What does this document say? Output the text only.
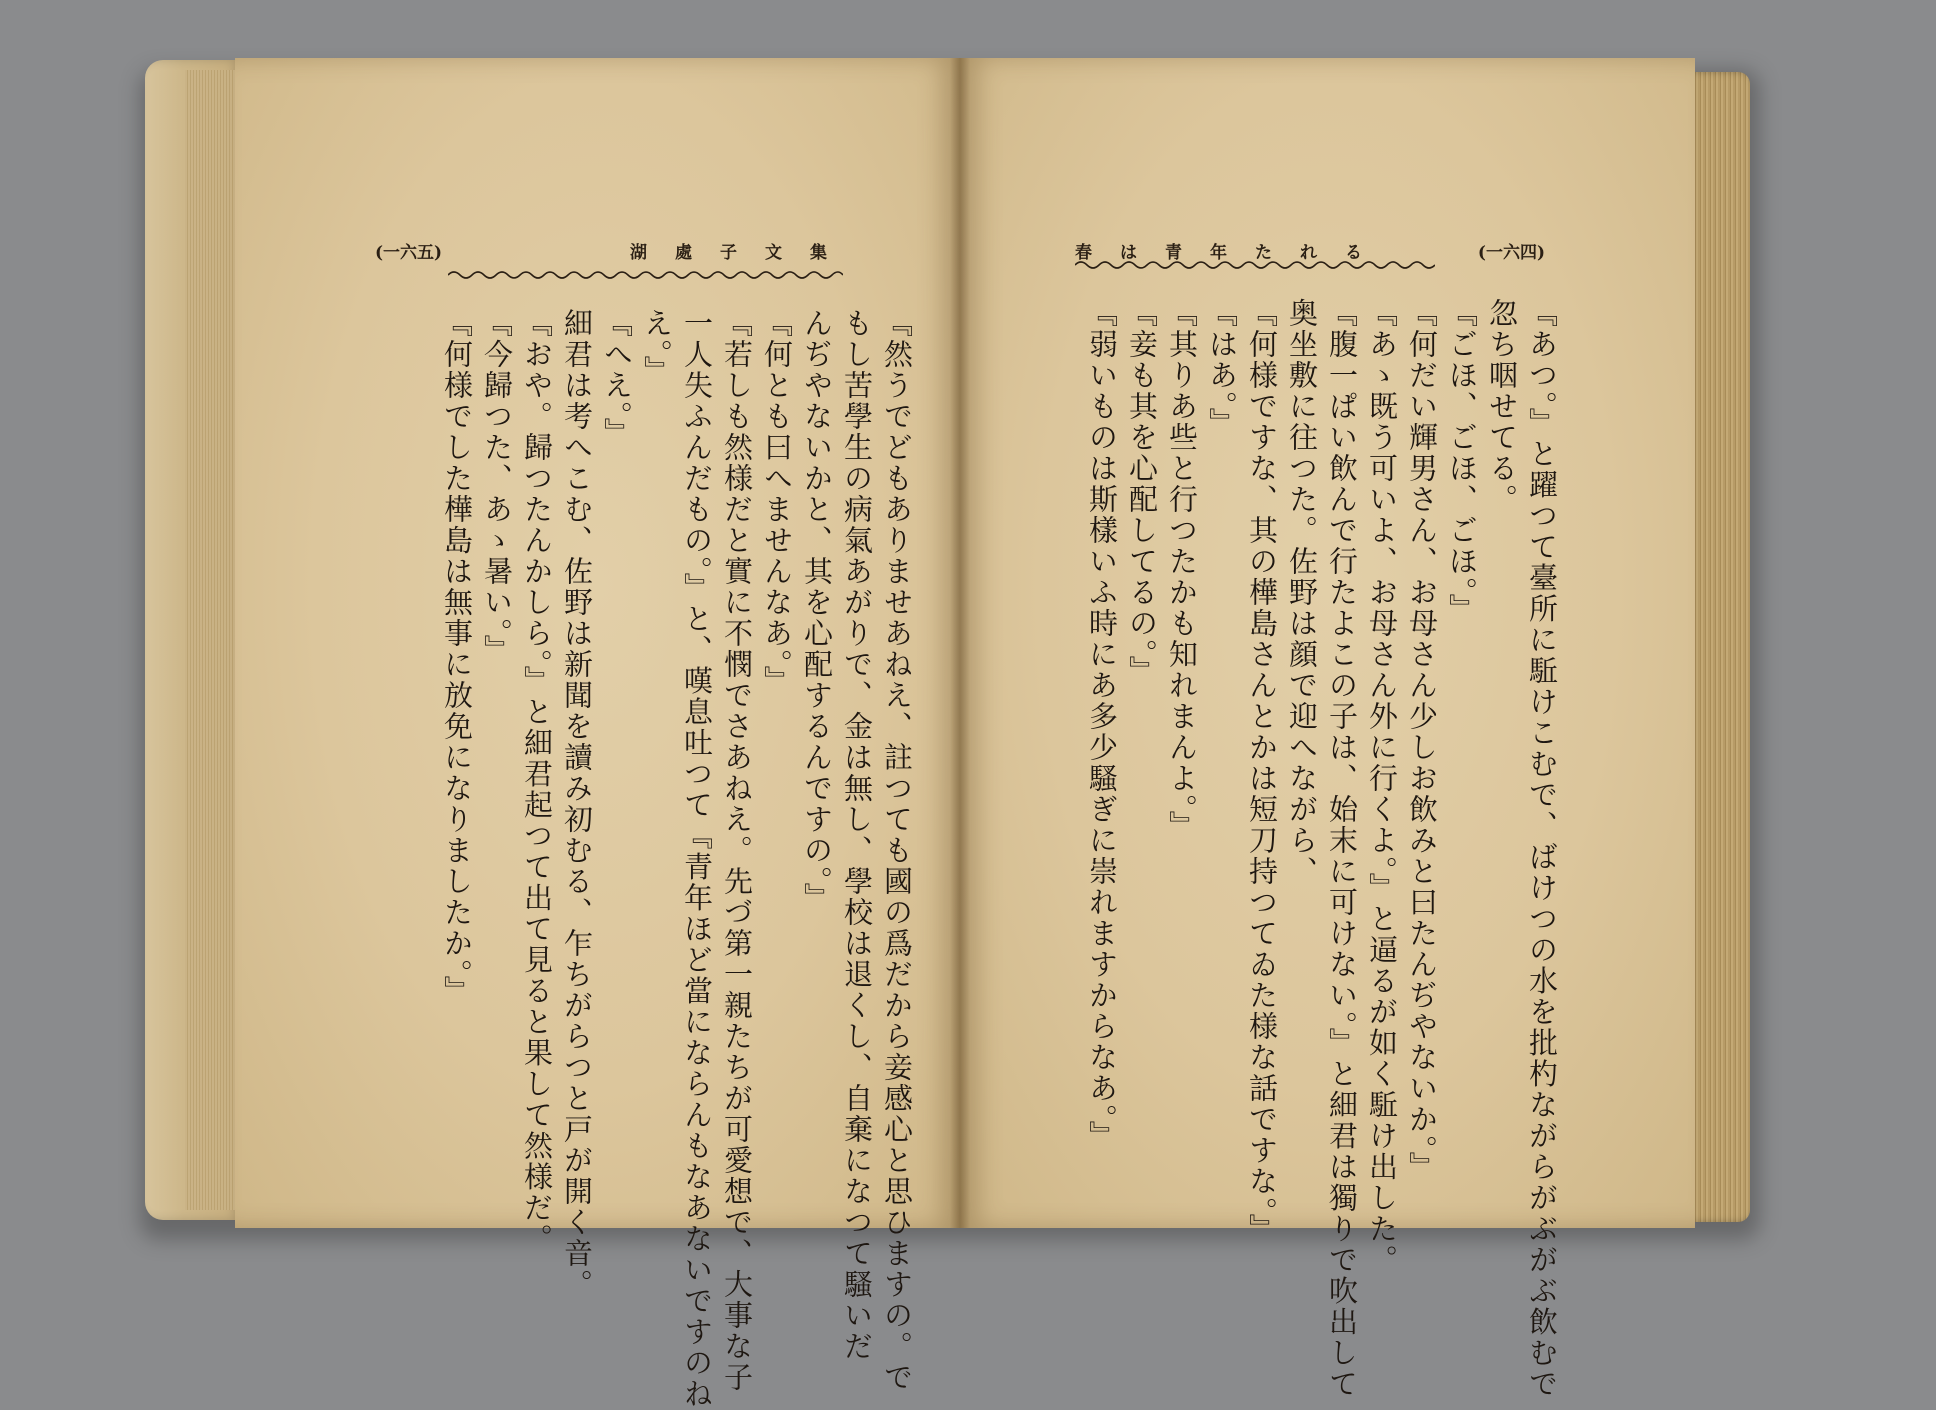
(一六五)	湖處子文集	春は青年たれる	(一六四)

『然うでどもありませあねえ、註つても國の爲だから妾感心と思ひますの。で

もし苦學生の病氣あがりで、金は無し、學校は退くし、自棄になつて騷いだ

んぢやないかと、其を心配するんですの。』

『何とも曰へませんなあ。』

『若しも然様だと實に不憫でさあねえ。先づ第一親たちが可愛想で、大事な子

一人失ふんだもの。』と、嘆息吐つて『青年ほど當にならんもなあないですのね

え。』

『へえ。』

細君は考へこむ、佐野は新聞を讀み初むる、乍ちがらつと戸が開く音。

『おや。歸つたんかしら。』と細君起つて出て見ると果して然様だ。

『今歸つた、あゝ暑い。』

『何様でした樺島は無事に放免になりましたか。』	『あつ。』と躍つて臺所に駈けこむで、ばけつの水を批杓ながらがぶがぶ飲むで

忽ち咽せてる。

『ごほ、ごほ、ごほ。』

『何だい輝男さん、お母さん少しお飲みと曰たんぢやないか。』

『あゝ既う可いよ、お母さん外に行くよ。』と逼るが如く駈け出した。

『腹一ぱい飲んで行たよこの子は、始末に可けない。』と細君は獨りで吹出して

奥坐敷に往つた。佐野は顔で迎へながら、

『何様ですな、其の樺島さんとかは短刀持つてゐた様な話ですな。』

『はあ。』

『其りあ些と行つたかも知れまんよ。』

『妾も其を心配してるの。』

『弱いものは斯樣いふ時にあ多少騷ぎに崇れますからなあ。』
